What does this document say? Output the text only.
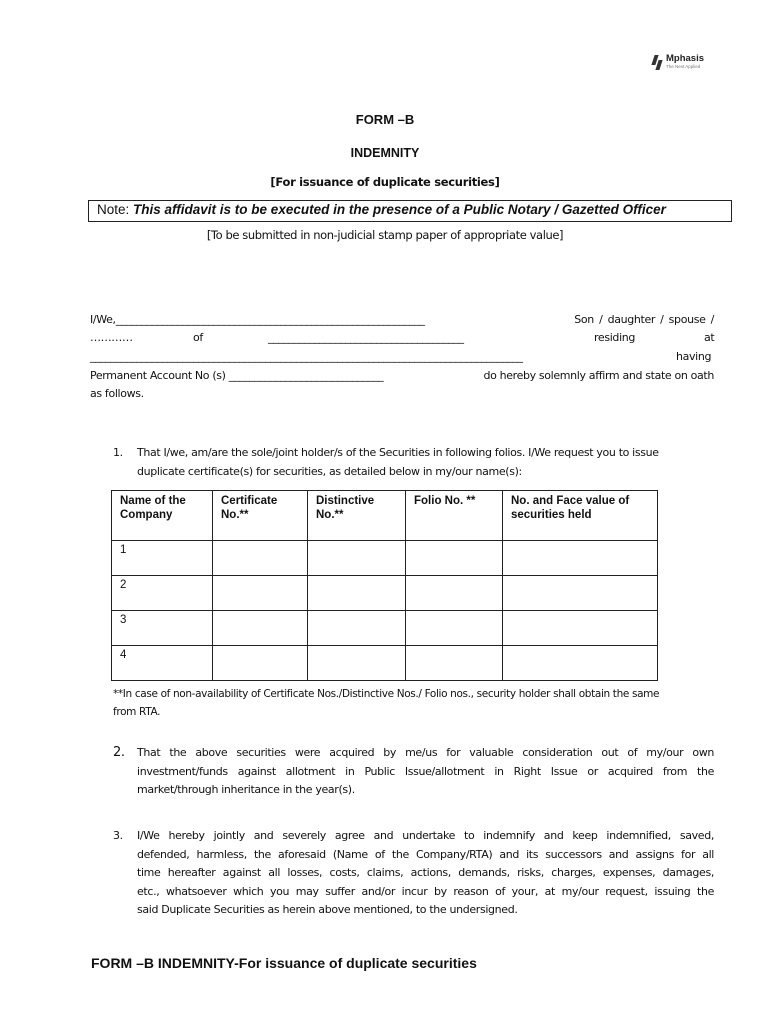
Mphasis
The Next Applied
FORM –B
INDEMNITY
[For issuance of duplicate securities]
Note: This affidavit is to be executed in the presence of a Public Notary / Gazetted Officer
[To be submitted in non-judicial stamp paper of appropriate value]
I/We,____________________________________________________________	Son / daughter / spouse /
…………	of	______________________________________	residing	at
____________________________________________________________________________________	having
Permanent Account No (s) ______________________________	do hereby solemnly affirm and state on oath
as follows.
1. That I/we, am/are the sole/joint holder/s of the Securities in following folios. I/We request you to issue
duplicate certificate(s) for securities, as detailed below in my/our name(s):
Name of the Company	Certificate No.**	Distinctive No.**	Folio No. **	No. and Face value of securities held
1				
2				
3				
4				
**In case of non-availability of Certificate Nos./Distinctive Nos./ Folio nos., security holder shall obtain the same
from RTA.
2. That the above securities were acquired by me/us for valuable consideration out of my/our own
investment/funds against allotment in Public Issue/allotment in Right Issue or acquired from the
market/through inheritance in the year(s).
3. I/We hereby jointly and severely agree and undertake to indemnify and keep indemnified, saved,
defended, harmless, the aforesaid (Name of the Company/RTA) and its successors and assigns for all
time hereafter against all losses, costs, claims, actions, demands, risks, charges, expenses, damages,
etc., whatsoever which you may suffer and/or incur by reason of your, at my/our request, issuing the
said Duplicate Securities as herein above mentioned, to the undersigned.
FORM –B INDEMNITY-For issuance of duplicate securities
